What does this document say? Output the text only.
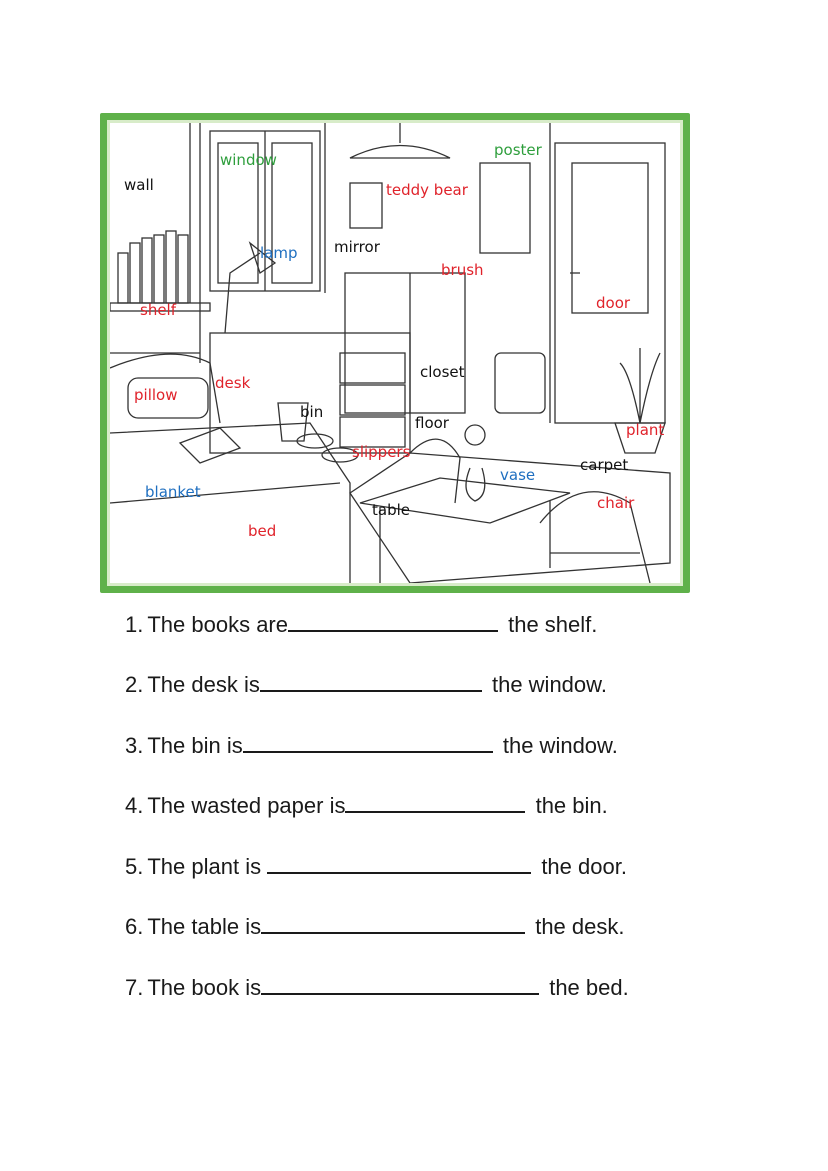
wall
window
lamp mirror
teddy bear
poster
brush
shelf	door
desk
pillow
closet
bin
floor	plant
slippers
vase
carpet
blanket
table	chair
bed
1. The books are	the shelf.
2. The desk is	the window.
3. The bin is	the window.
4. The wasted paper is	the bin.
5. The plant is	the door.
6. The table is	the desk.
7. The book is	the bed.
